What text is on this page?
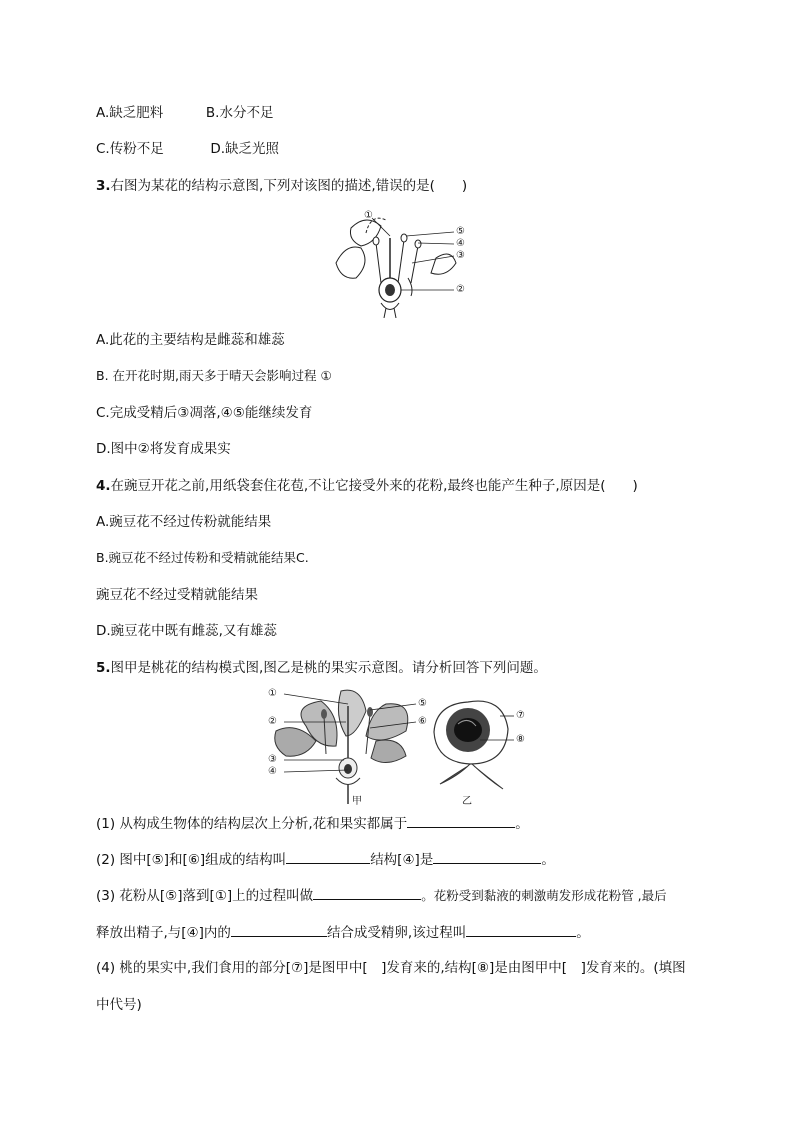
A.缺乏肥料	B.水分不足
C.传粉不足	D.缺乏光照
3.右图为某花的结构示意图,下列对该图的描述,错误的是(　　)
①
⑤
④
③
②
A.此花的主要结构是雌蕊和雄蕊
B. 在开花时期,雨天多于晴天会影响过程 ①
C.完成受精后③凋落,④⑤能继续发育
D.图中②将发育成果实
4.在豌豆开花之前,用纸袋套住花苞,不让它接受外来的花粉,最终也能产生种子,原因是(　　)
A.豌豆花不经过传粉就能结果
B.豌豆花不经过传粉和受精就能结果C.
豌豆花不经过受精就能结果
D.豌豆花中既有雌蕊,又有雄蕊
5.图甲是桃花的结构模式图,图乙是桃的果实示意图。请分析回答下列问题。
①
②
③
④
⑤
⑥
甲
⑦
⑧
乙
(1) 从构成生物体的结构层次上分析,花和果实都属于	。
(2) 图中[⑤]和[⑥]组成的结构叫	结构[④]是	。
(3) 花粉从[⑤]落到[①]上的过程叫做	。花粉受到黏液的刺激萌发形成花粉管 ,最后
释放出精子,与[④]内的	结合成受精卵,该过程叫	。
(4) 桃的果实中,我们食用的部分[⑦]是图甲中[　]发育来的,结构[⑧]是由图甲中[　]发育来的。(填图
中代号)
